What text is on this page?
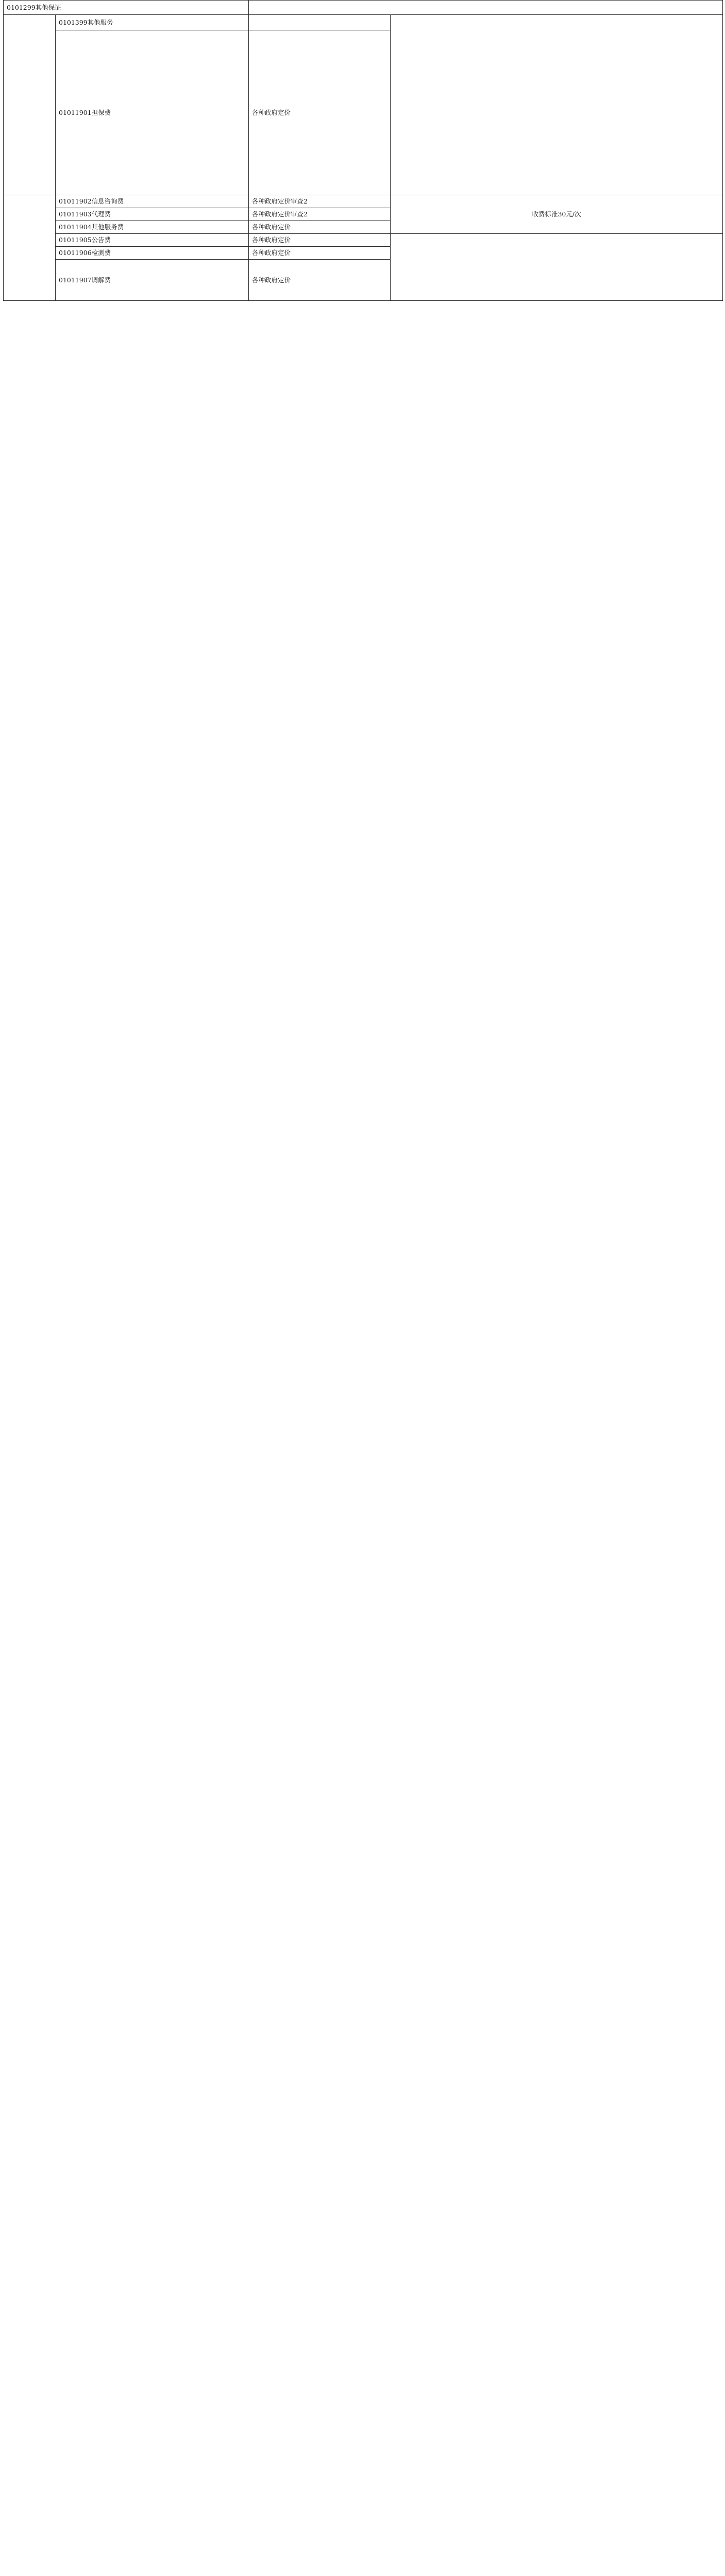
0101299其他保证			
	0101399其他服务		
	01011901担保费	各种政府定价	
	01011902信息咨询费	各种政府定价审查2	收费标准30元/次
	01011903代理费	各种政府定价审查2	
	01011904其他服务费	各种政府定价	
	01011905公告费	各种政府定价	
	01011906检测费	各种政府定价	
	01011907调解费	各种政府定价	
